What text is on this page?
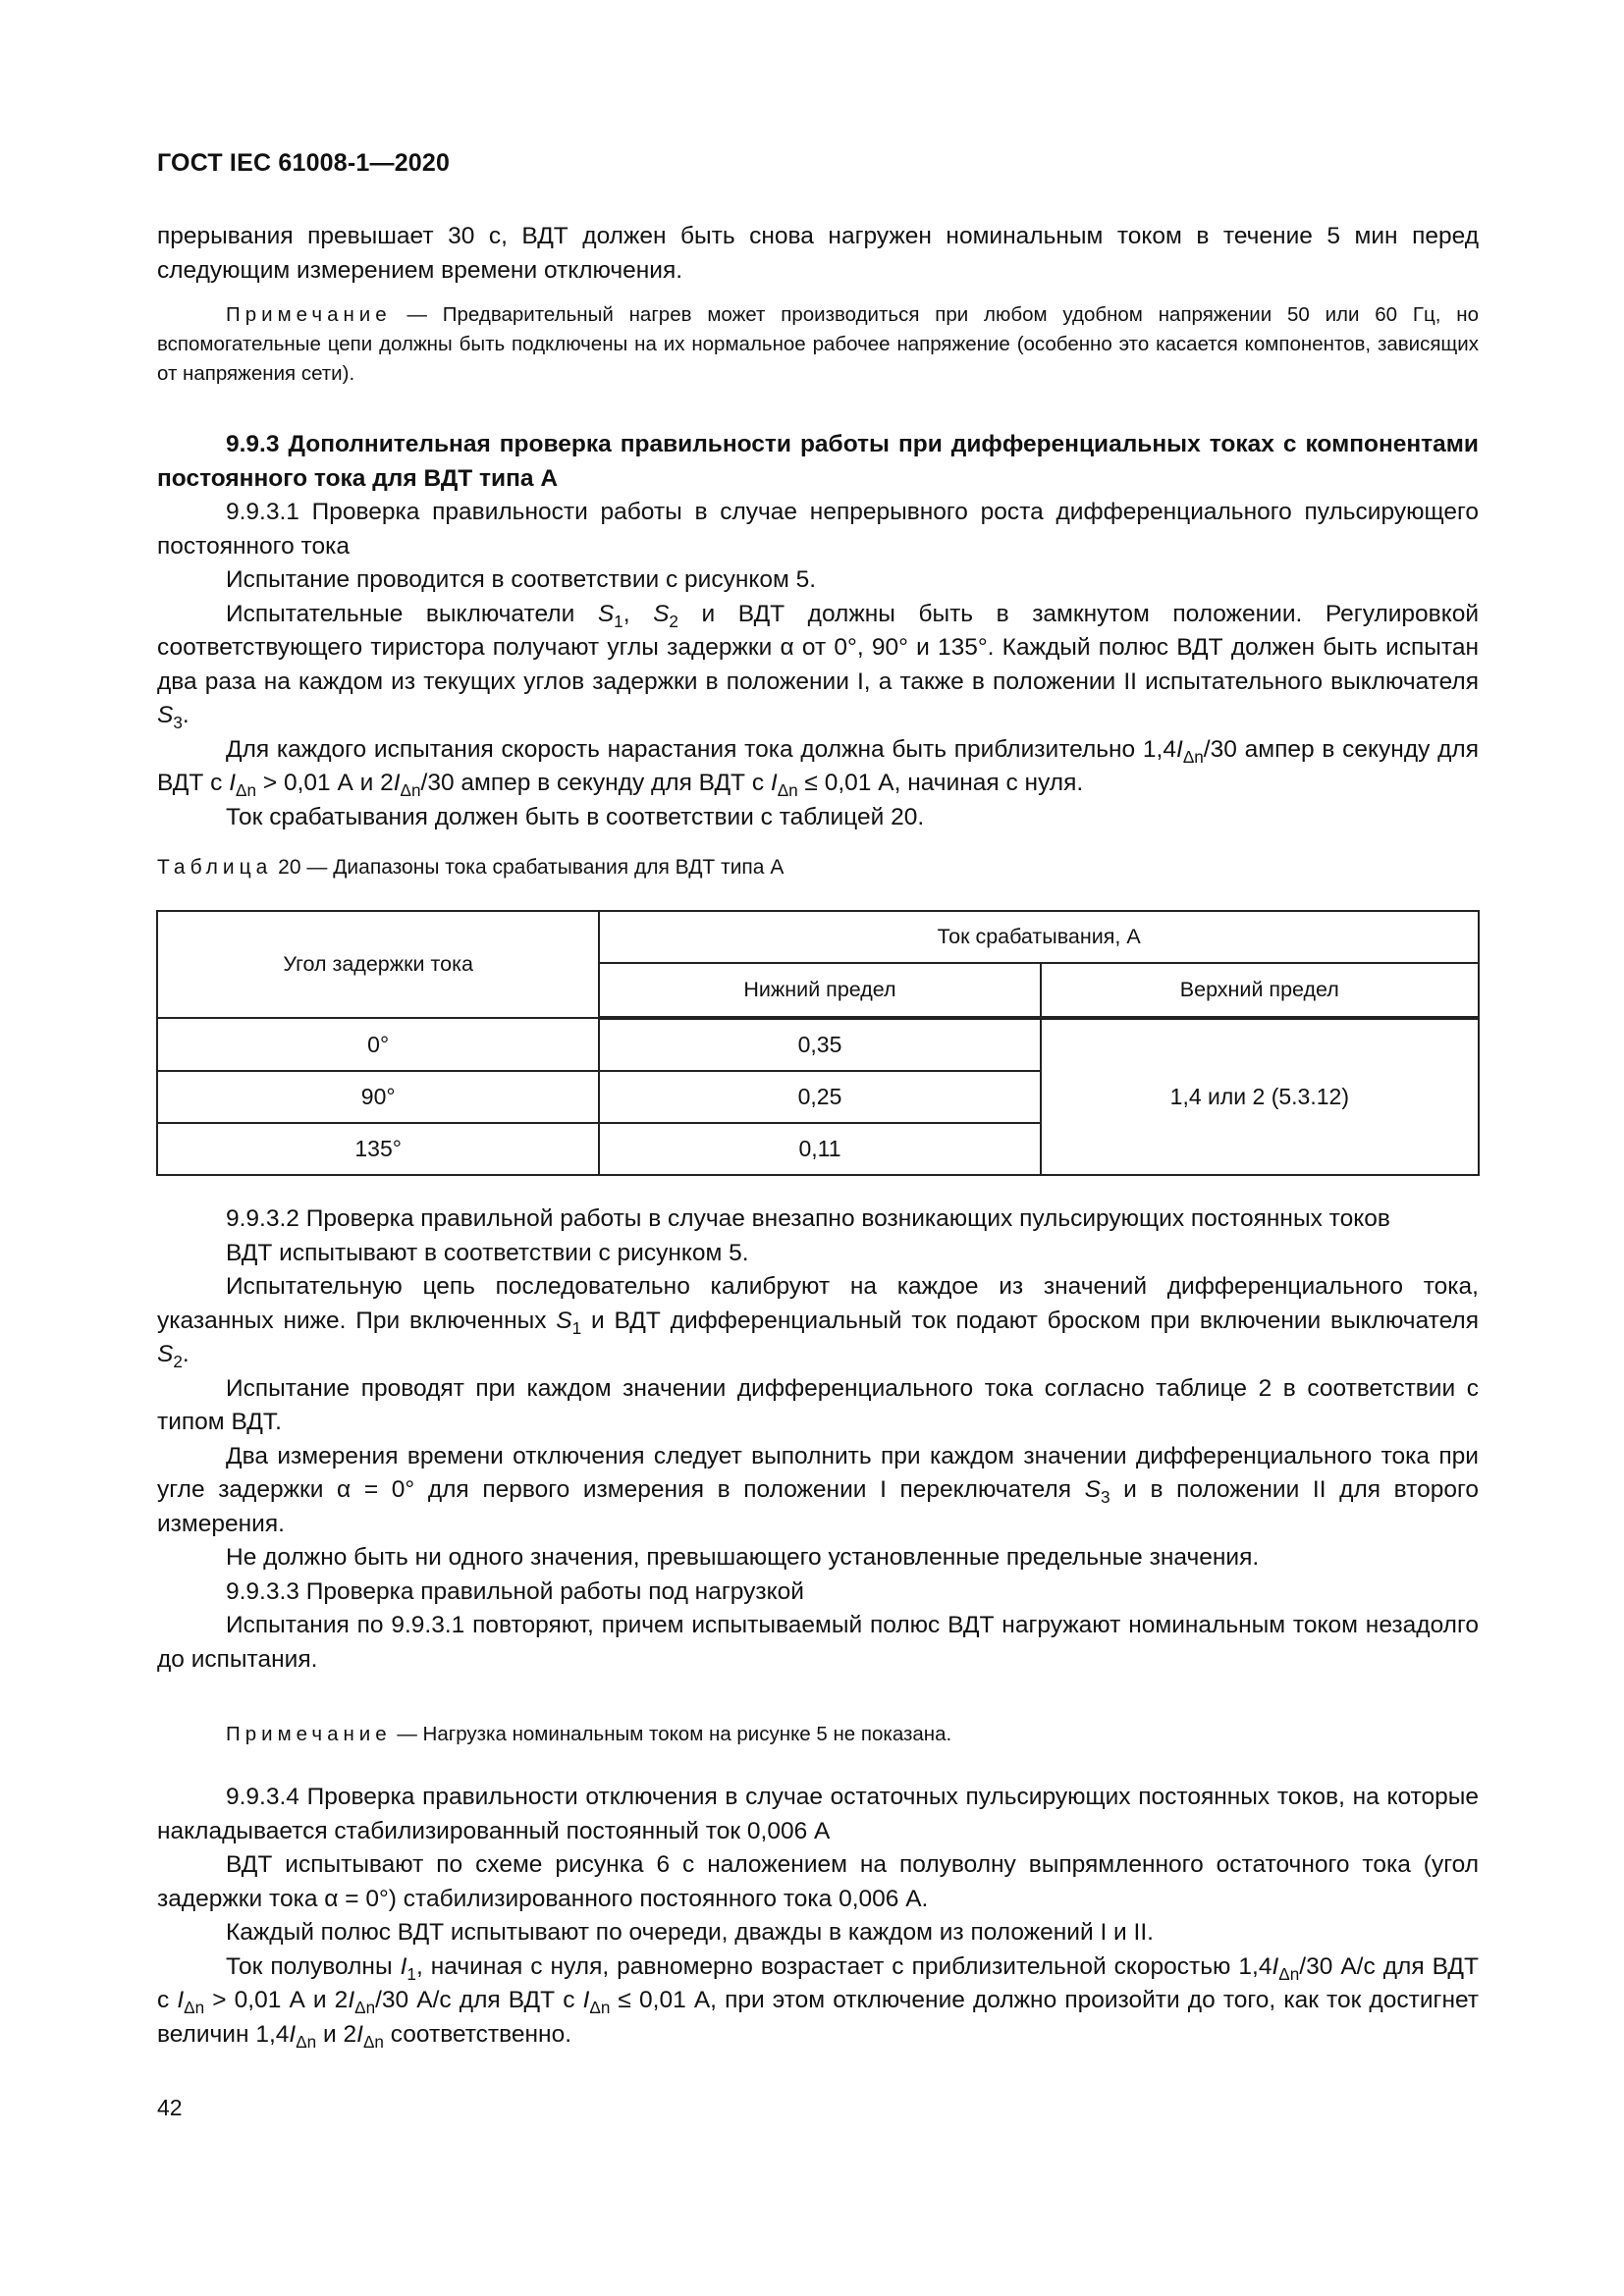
ГОСТ IEC 61008-1—2020

прерывания превышает 30 с, ВДТ должен быть снова нагружен номинальным током в течение 5 мин перед следующим измерением времени отключения.

Примечание — Предварительный нагрев может производиться при любом удобном напряжении 50 или 60 Гц, но вспомогательные цепи должны быть подключены на их нормальное рабочее напряжение (особенно это касается компонентов, зависящих от напряжения сети).

9.9.3 Дополнительная проверка правильности работы при дифференциальных токах с компонентами постоянного тока для ВДТ типа А

9.9.3.1 Проверка правильности работы в случае непрерывного роста дифференциального пульсирующего постоянного тока

Испытание проводится в соответствии с рисунком 5.

Испытательные выключатели $S_1$, $S_2$ и ВДТ должны быть в замкнутом положении. Регулировкой соответствующего тиристора получают углы задержки α от 0°, 90° и 135°. Каждый полюс ВДТ должен быть испытан два раза на каждом из текущих углов задержки в положении I, а также в положении II испытательного выключателя $S_3$.

Для каждого испытания скорость нарастания тока должна быть приблизительно $1,4I_{\Delta n}/30$ ампер в секунду для ВДТ с $I_{\Delta n} > 0,01$ А и $2I_{\Delta n}/30$ ампер в секунду для ВДТ с $I_{\Delta n} \le 0,01$ А, начиная с нуля.

Ток срабатывания должен быть в соответствии с таблицей 20.

Таблица 20 — Диапазоны тока срабатывания для ВДТ типа А
Угол задержки тока	Ток срабатывания, А	
	Нижний предел	Верхний предел
0°	0,35	1,4 или 2 (5.3.12)
90°	0,25	
135°	0,11	

9.9.3.2 Проверка правильной работы в случае внезапно возникающих пульсирующих постоянных токов

ВДТ испытывают в соответствии с рисунком 5.

Испытательную цепь последовательно калибруют на каждое из значений дифференциального тока, указанных ниже. При включенных $S_1$ и ВДТ дифференциальный ток подают броском при включении выключателя $S_2$.

Испытание проводят при каждом значении дифференциального тока согласно таблице 2 в соответствии с типом ВДТ.

Два измерения времени отключения следует выполнить при каждом значении дифференциального тока при угле задержки α = 0° для первого измерения в положении I переключателя $S_3$ и в положении II для второго измерения.

Не должно быть ни одного значения, превышающего установленные предельные значения.

9.9.3.3 Проверка правильной работы под нагрузкой

Испытания по 9.9.3.1 повторяют, причем испытываемый полюс ВДТ нагружают номинальным током незадолго до испытания.

Примечание — Нагрузка номинальным током на рисунке 5 не показана.

9.9.3.4 Проверка правильности отключения в случае остаточных пульсирующих постоянных токов, на которые накладывается стабилизированный постоянный ток 0,006 А

ВДТ испытывают по схеме рисунка 6 с наложением на полуволну выпрямленного остаточного тока (угол задержки тока α = 0°) стабилизированного постоянного тока 0,006 А.

Каждый полюс ВДТ испытывают по очереди, дважды в каждом из положений I и II.

Ток полуволны $I_1$, начиная с нуля, равномерно возрастает с приблизительной скоростью $1,4I_{\Delta n}/30$ А/с для ВДТ с $I_{\Delta n} > 0,01$ А и $2I_{\Delta n}/30$ А/с для ВДТ с $I_{\Delta n} \le 0,01$ А, при этом отключение должно произойти до того, как ток достигнет величин $1,4I_{\Delta n}$ и $2I_{\Delta n}$ соответственно.

42
